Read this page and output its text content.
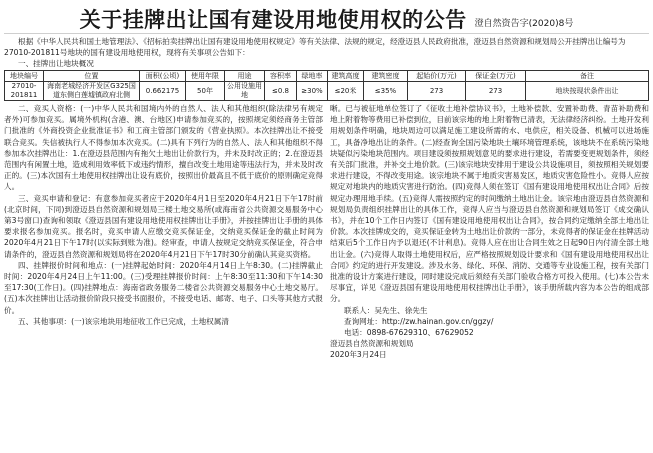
关于挂牌出让国有建设用地使用权的公告 澄自然资告字(2020)8号

根据《中华人民共和国土地管理法》、《招标拍卖挂牌出让国有建设用地使用权规定》等有关法律、法规的规定，经澄迈县人民政府批准，澄迈县自然资源和规划局公开挂牌出让编号为27010-201811号地块的国有建设用地使用权，现将有关事项公告如下：

一、挂牌出让地块概况

地块编号	位置	面积(公顷)	使用年限	用途	容积率	绿地率	建筑高度	建筑密度	起始价(万元)	保证金(万元)	备注
27010-201811	海南老城经济开发区G325国道东侧白莲墟镇政府北侧	0.662175	50年	公用设施用地	≤0.8	≥30%	≤20米	≤35%	273	273	地块按现状条件出让

二、竞买人资格：(一)中华人民共和国境内外的自然人、法人和其他组织(除法律另有规定者外)可参加竞买。属境外机构(含港、澳、台地区)申请参加竞买的，按照规定须经商务主管部门批准的《外商投资企业批准证书》和工商主管部门颁发的《营业执照》。本次挂牌出让不接受联合竞买。失信被执行人不得参加本次竞买。(二)具有下列行为的自然人、法人和其他组织不得参加本次挂牌出让：1.在澄迈县范围内有拖欠土地出让价款行为，并未及时改正的；2.在澄迈县范围内有闲置土地，造成利用效率低下或违约情形，擅自改变土地用途等违法行为，并未及时改正的。(三)本次国有土地使用权挂牌出让设有底价，按照出价最高且不低于底价的原则确定竞得人。

三、竞买申请和登记：有意参加竞买者应于2020年4月1日至2020年4月21日下午17时前(北京时间，下同)到澄迈县自然资源和规划局三楼土地交易所(或海南省公共资源交易服务中心第3号窗口)查询和领取《澄迈县国有建设用地使用权挂牌出让手册》，并按挂牌出让手册的具体要求报名参加竞买。报名时，竞买申请人应缴交竞买保证金，交纳竞买保证金的截止时间为2020年4月21日下午17时(以实际到账为准)。经审查，申请人按规定交纳竞买保证金，符合申请条件的，澄迈县自然资源和规划局将在2020年4月21日下午17时30分前确认其竞买资格。

四、挂牌报价时间和地点：(一)挂牌起始时间：2020年4月14日上午8:30。(二)挂牌截止时间：2020年4月24日上午11:00。(三)受理挂牌报价时间：上午8:30至11:30和下午14:30至17:30(工作日)。(四)挂牌地点：海南省政务服务二楼省公共资源交易服务中心土地交易厅。(五)本次挂牌出让活动报价阶段只接受书面报价，不接受电话、邮寄、电子、口头等其他方式报价。

五、其他事项：(一)该宗地块用地征收工作已完成，土地权属清

晰。已与被征地单位签订了《征收土地补偿协议书》，土地补偿款、安置补助费、青苗补助费和地上附着物等费用已补偿到位，目前该宗地的地上附着物已清表，无法律经济纠纷。土地开发利用规划条件明确，地块周边可以满足施工建设所需的水、电供应，相关设备、机械可以进场施工，具备净地出让的条件。(二)经查询全国污染地块土壤环境管理系统，该地块不在系统污染地块疑似污染地块范围内。项目建设须按照规划意见的要求进行建设，若需要变更规划条件，须经有关部门批准，并补交土地价款。(三)该宗地块安排用于建设公共设施项目，须按照相关规划要求进行建设，不得改变用途。该宗地块不属于地质灾害易发区，地质灾害危险性小。竞得人应按规定对地块内的地质灾害进行防治。(四)竞得人须在签订《国有建设用地使用权出让合同》后按规定办理用地手续。(五)竞得人需按照约定的时间缴纳土地出让金。该宗地由澄迈县自然资源和规划局负责组织挂牌出让的具体工作，竞得人应当与澄迈县自然资源和规划局签订《成交确认书》，并在10个工作日内签订《国有建设用地使用权出让合同》，按合同约定缴纳全部土地出让价款。本次挂牌成交的，竞买保证金转为土地出让价款的一部分，未竞得者的保证金在挂牌活动结束后5个工作日内予以退还(不计利息)。竞得人应在出让合同生效之日起90日内付清全部土地出让金。(六)竞得人取得土地使用权后，应严格按照规划设计要求和《国有建设用地使用权出让合同》约定的进行开发建设。涉及水务、绿化、环保、消防、交通等专业设施工程，按有关部门批准的设计方案进行建设，同时建设完成后须经有关部门验收合格方可投入使用。(七)本公告未尽事宜，详见《澄迈县国有建设用地使用权挂牌出让手册》，该手册所载内容为本公告的组成部分。

联系人：吴先生、徐先生

查询网址：http://zw.hainan.gov.cn/ggzy/

电话：0898-67629310、67629052

澄迈县自然资源和规划局

2020年3月24日
